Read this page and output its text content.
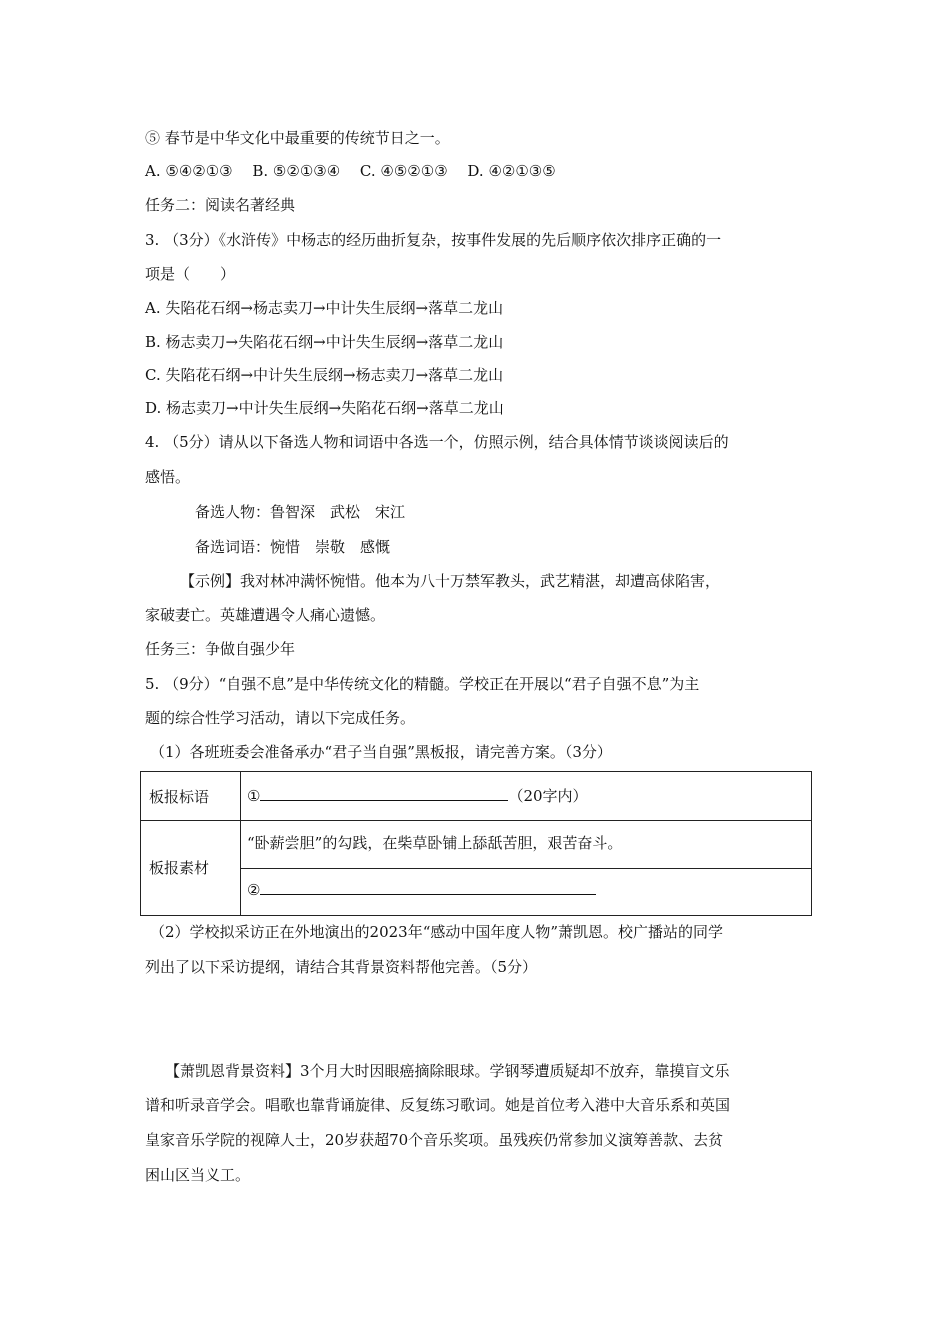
⑤ 春节是中华文化中最重要的传统节日之一。
A. ⑤④②①③　 B. ⑤②①③④　 C. ④⑤②①③　 D. ④②①③⑤
任务二：阅读名著经典
3. （3分）《水浒传》中杨志的经历曲折复杂，按事件发展的先后顺序依次排序正确的一
项是（　　）
A. 失陷花石纲→杨志卖刀→中计失生辰纲→落草二龙山
B. 杨志卖刀→失陷花石纲→中计失生辰纲→落草二龙山
C. 失陷花石纲→中计失生辰纲→杨志卖刀→落草二龙山
D. 杨志卖刀→中计失生辰纲→失陷花石纲→落草二龙山
4. （5分）请从以下备选人物和词语中各选一个，仿照示例，结合具体情节谈谈阅读后的
感悟。
备选人物：鲁智深　武松　宋江
备选词语：惋惜　崇敬　感慨
【示例】我对林冲满怀惋惜。他本为八十万禁军教头，武艺精湛，却遭高俅陷害，
家破妻亡。英雄遭遇令人痛心遗憾。
任务三：争做自强少年
5. （9分）“自强不息”是中华传统文化的精髓。学校正在开展以“君子自强不息”为主
题的综合性学习活动，请以下完成任务。
（1）各班班委会准备承办“君子当自强”黑板报，请完善方案。（3分）
板报标语	①	（20字内）
板报素材
“卧薪尝胆”的勾践，在柴草卧铺上舔舐苦胆，艰苦奋斗。
②
（2）学校拟采访正在外地演出的2023年“感动中国年度人物”萧凯恩。校广播站的同学
列出了以下采访提纲，请结合其背景资料帮他完善。（5分）
【萧凯恩背景资料】3个月大时因眼癌摘除眼球。学钢琴遭质疑却不放弃，靠摸盲文乐
谱和听录音学会。唱歌也靠背诵旋律、反复练习歌词。她是首位考入港中大音乐系和英国
皇家音乐学院的视障人士，20岁获超70个音乐奖项。虽残疾仍常参加义演筹善款、去贫
困山区当义工。
